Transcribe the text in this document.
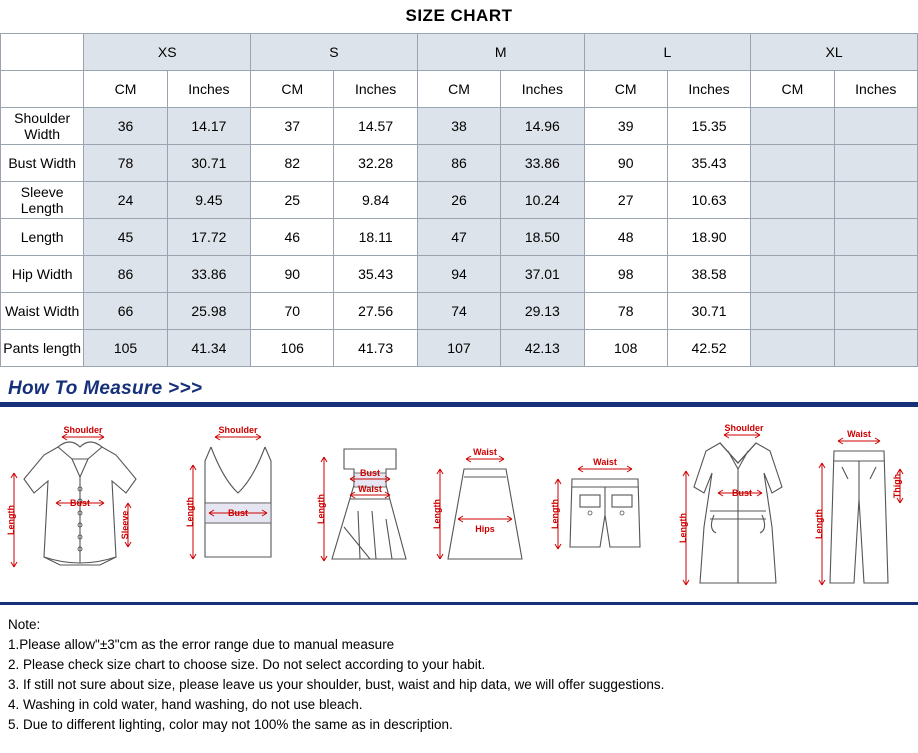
SIZE CHART
	XS		S		M		L		XL	
	CM	Inches	CM	Inches	CM	Inches	CM	Inches	CM	Inches
Shoulder Width	36	14.17	37	14.57	38	14.96	39	15.35		
Bust Width	78	30.71	82	32.28	86	33.86	90	35.43		
Sleeve Length	24	9.45	25	9.84	26	10.24	27	10.63		
Length	45	17.72	46	18.11	47	18.50	48	18.90		
Hip Width	86	33.86	90	35.43	94	37.01	98	38.58		
Waist Width	66	25.98	70	27.56	74	29.13	78	30.71		
Pants length	105	41.34	106	41.73	107	42.13	108	42.52		
How To Measure >>>
Shoulder
Bust
Length	Sleeve
Shoulder
Bust
Length
Bust
Waist
Length
Waist
Hips
Length
Waist
Length
Shoulder
Bust
Length
Waist
Length
Thigh
Note:
1.Please allow"±3"cm as the error range due to manual measure
2. Please check size chart to choose size. Do not select according to your habit.
3. If still not sure about size, please leave us your shoulder, bust, waist and hip data, we will offer suggestions.
4. Washing in cold water, hand washing, do not use bleach.
5. Due to different lighting, color may not 100% the same as in description.
